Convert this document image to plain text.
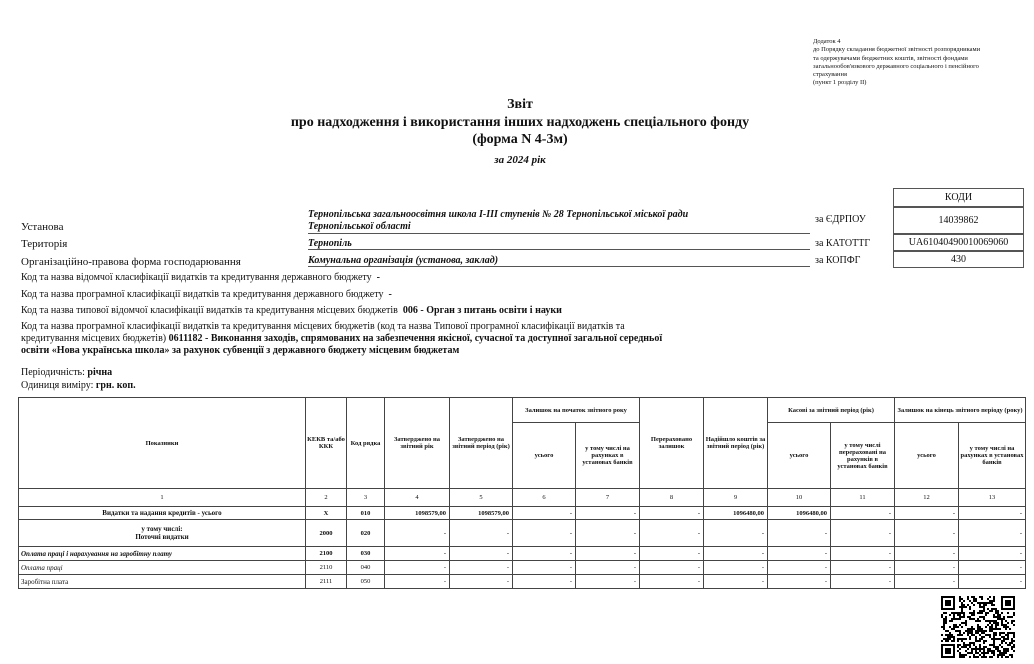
Додаток 4
до Порядку складання бюджетної звітності розпорядниками
та одержувачами бюджетних коштів, звітності фондами
загальнообов'язкового державного соціального і пенсійного
страхування
(пункт 1 розділу II)
Звіт
про надходження і використання інших надходжень спеціального фонду
(форма N 4-3м)
за 2024 рік
КОДИ
Установа
Тернопільська загальноосвітня школа І-ІІІ ступенів № 28 Тернопільської міської ради
Тернопільської області
за ЄДРПОУ	14039862
Територія	Тернопіль	за КАТОТТГ	UA61040490010069060
Організаційно-правова форма господарювання	Комунальна організація (установа, заклад)	за КОПФГ	430
Код та назва відомчої класифікації видатків та кредитування державного бюджету -
Код та назва програмної класифікації видатків та кредитування державного бюджету -
Код та назва типової відомчої класифікації видатків та кредитування місцевих бюджетів 006 - Орган з питань освіти і науки
Код та назва програмної класифікації видатків та кредитування місцевих бюджетів (код та назва Типової програмної класифікації видатків та
кредитування місцевих бюджетів) 0611182 - Виконання заходів, спрямованих на забезпечення якісної, сучасної та доступної загальної середньої
освіти «Нова українська школа» за рахунок субвенції з державного бюджету місцевим бюджетам
Періодичність: річна
Одиниця виміру: грн. коп.
Показники	КЕКВ та/або ККК	Код рядка	Затверджено на звітний рік	Затверджено на звітний період (рік)	Залишок на початок звітного року		Перераховано залишок	Надійшло коштів за звітний період (рік)	Касові за звітний період (рік)		Залишок на кінець звітного періоду (року)	
					усього	у тому числі на рахунках в установах банків			усього	у тому числі перераховані на рахунків в установах банків	усього	у тому числі на рахунках в установах банків
1	2	3	4	5	6	7	8	9	10	11	12	13
Видатки та надання кредитів - усього	X	010	1098579,00	1098579,00	-	-	-	1096480,00	1096480,00	-	-	-
у тому числі:
Поточні видатки	2000	020	-	-	-	-	-	-	-	-	-	-
Оплата праці і нарахування на заробітну плату	2100	030	-	-	-	-	-	-	-	-	-	-
Оплата праці	2110	040	-	-	-	-	-	-	-	-	-	-
Заробітна плата	2111	050	-	-	-	-	-	-	-	-	-	-
